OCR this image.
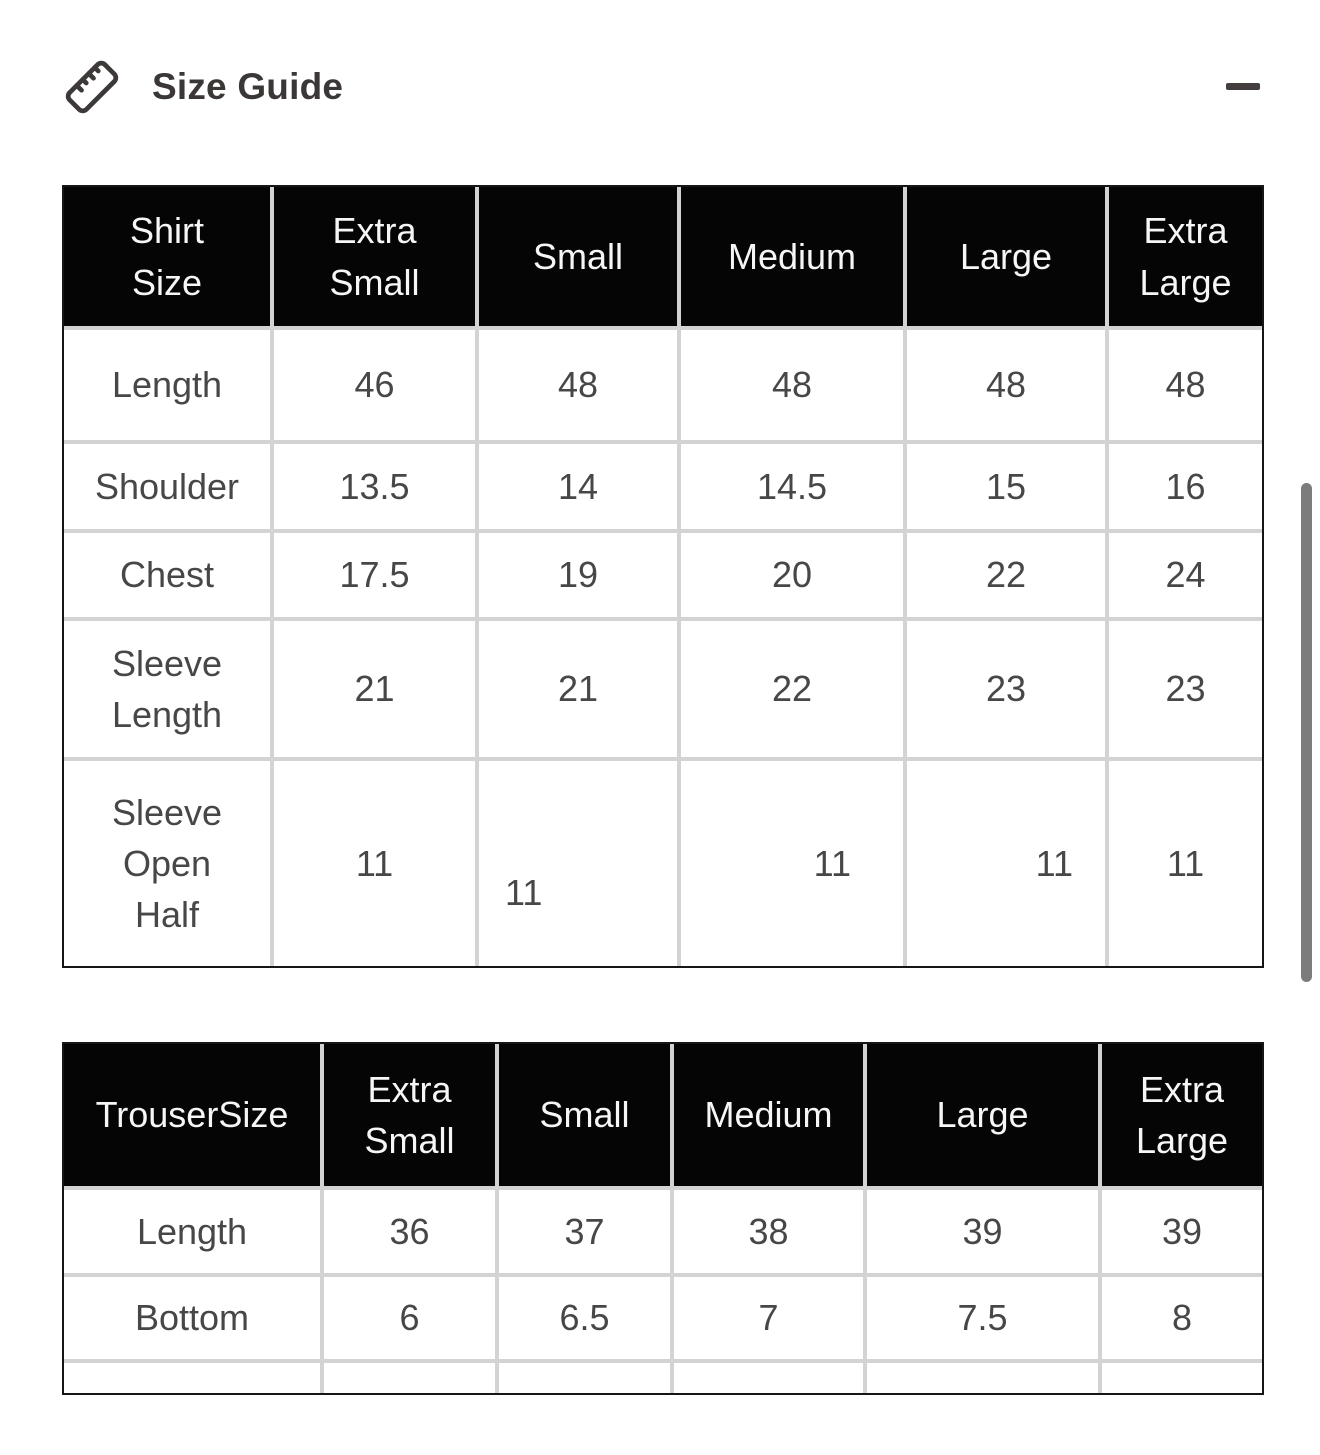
Size Guide
Shirt Size	Extra Small	Small	Medium	Large	Extra Large
Length	46	48	48	48	48
Shoulder	13.5	14	14.5	15	16
Chest	17.5	19	20	22	24
Sleeve Length	21	21	22	23	23
Sleeve Open Half	11	11	11	11	11
TrouserSize	Extra Small	Small	Medium	Large	Extra Large
Length	36	37	38	39	39
Bottom	6	6.5	7	7.5	8
